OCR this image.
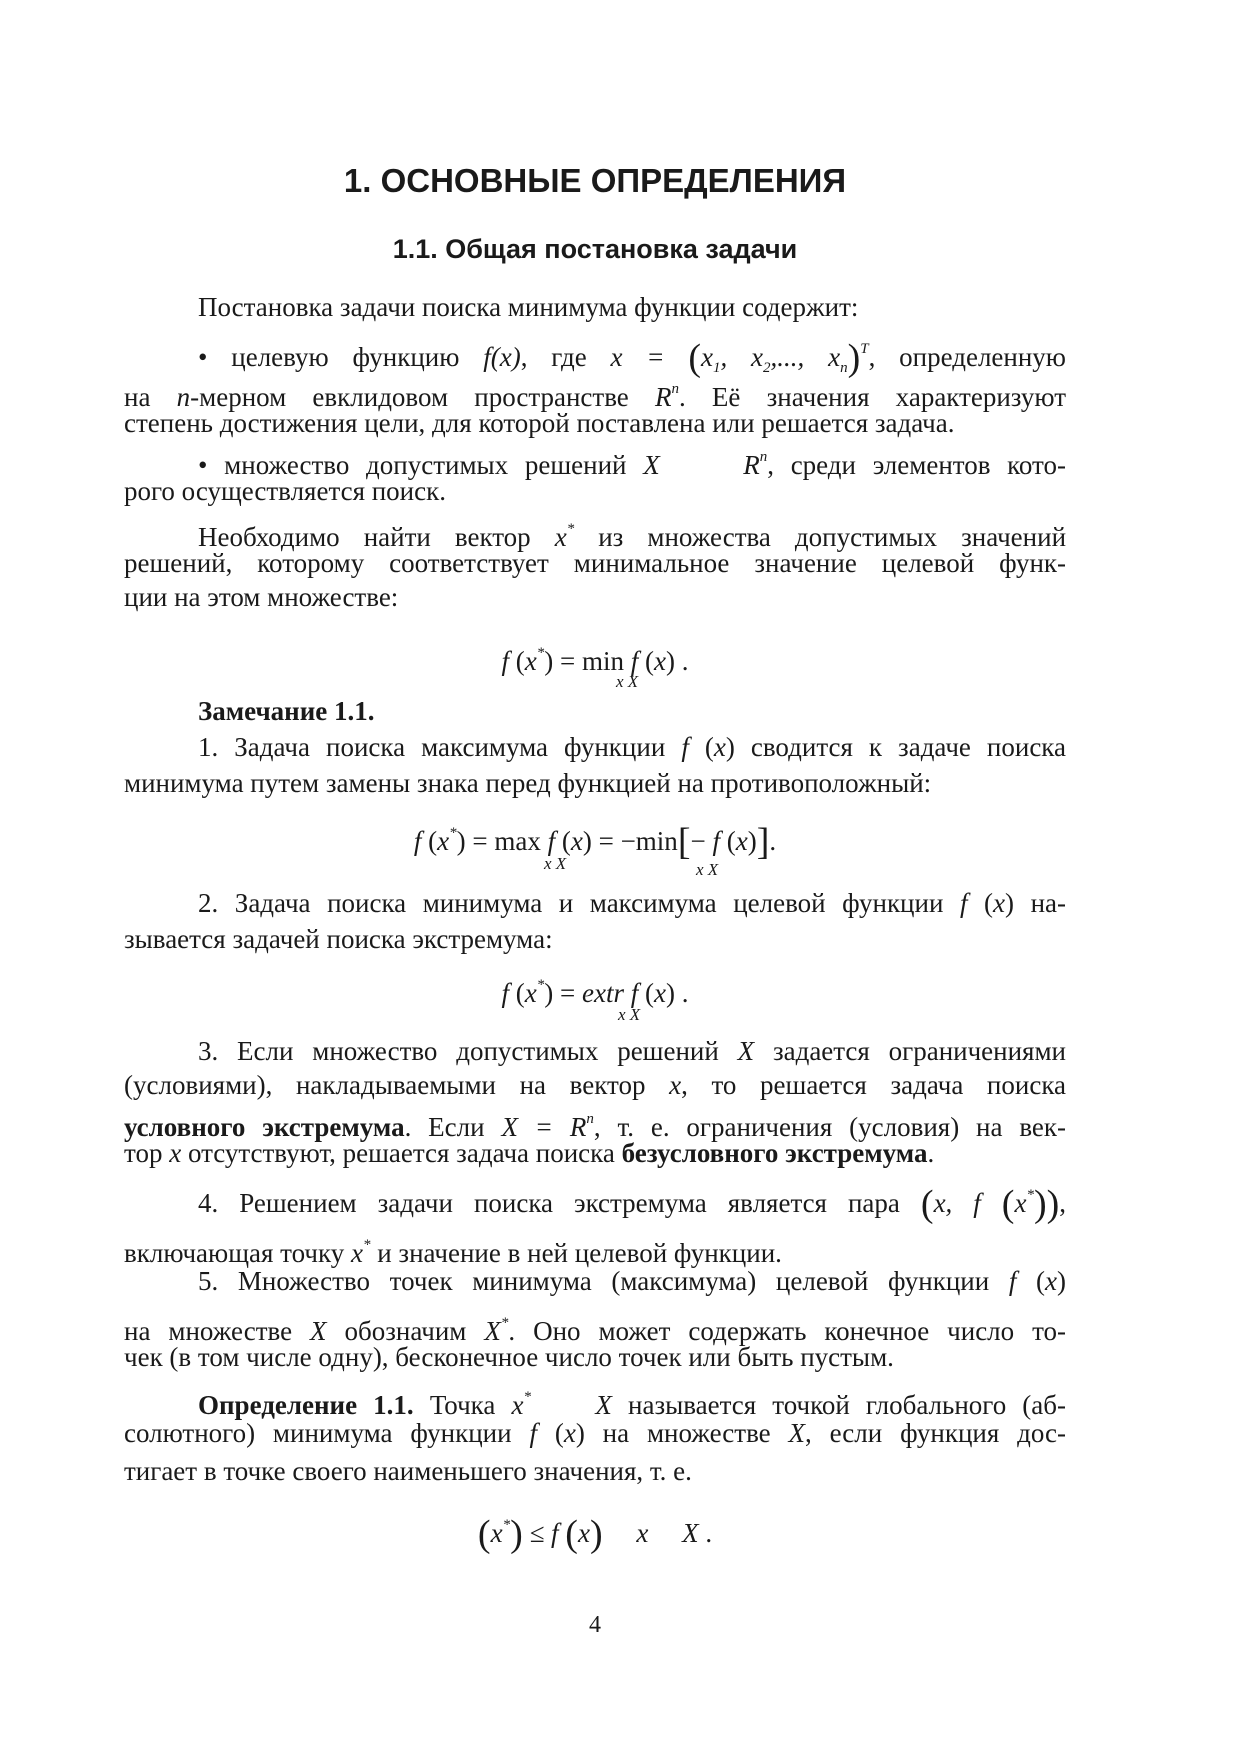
1. ОСНОВНЫЕ ОПРЕДЕЛЕНИЯ
1.1. Общая постановка задачи
Постановка задачи поиска минимума функции содержит:
• целевую функцию f(x), где $x = (x_1$, $x_2$,..., $x_n)^T$, определенную
на n-мерном евклидовом пространстве $R^n$. Её значения характеризуют
степень достижения цели, для которой поставлена или решается задача.
• множество допустимых решений X     $R^n$, среди элементов кото-
рого осуществляется поиск.
Необходимо найти вектор x* из множества допустимых значений
решений, которому соответствует минимальное значение целевой функ-
ции на этом множестве:
f (x*) = min f (x) .
x X
Замечание 1.1.
1. Задача поиска максимума функции f (x) сводится к задаче поиска
минимума путем замены знака перед функцией на противоположный:
f (x*) = max f (x) = −min[− f (x)].
x X	x X
2. Задача поиска минимума и максимума целевой функции f (x) на-
зывается задачей поиска экстремума:
f (x*) = extr f (x) .
x X
3. Если множество допустимых решений X задается ограничениями
(условиями), накладываемыми на вектор x, то решается задача поиска
условного экстремума. Если $X = R^n$, т. е. ограничения (условия) на век-
тор x отсутствуют, решается задача поиска безусловного экстремума.
4. Решением задачи поиска экстремума является пара (x, f (x*)),
включающая точку x* и значение в ней целевой функции.
5. Множество точек минимума (максимума) целевой функции f (x)
на множестве X обозначим X*. Оно может содержать конечное число то-
чек (в том числе одну), бесконечное число точек или быть пустым.
Определение 1.1. Точка x*    X называется точкой глобального (аб-
солютного) минимума функции f (x) на множестве X, если функция дос-
тигает в точке своего наименьшего значения, т. е.
(x*) ≤ f (x)     x     X .
4
